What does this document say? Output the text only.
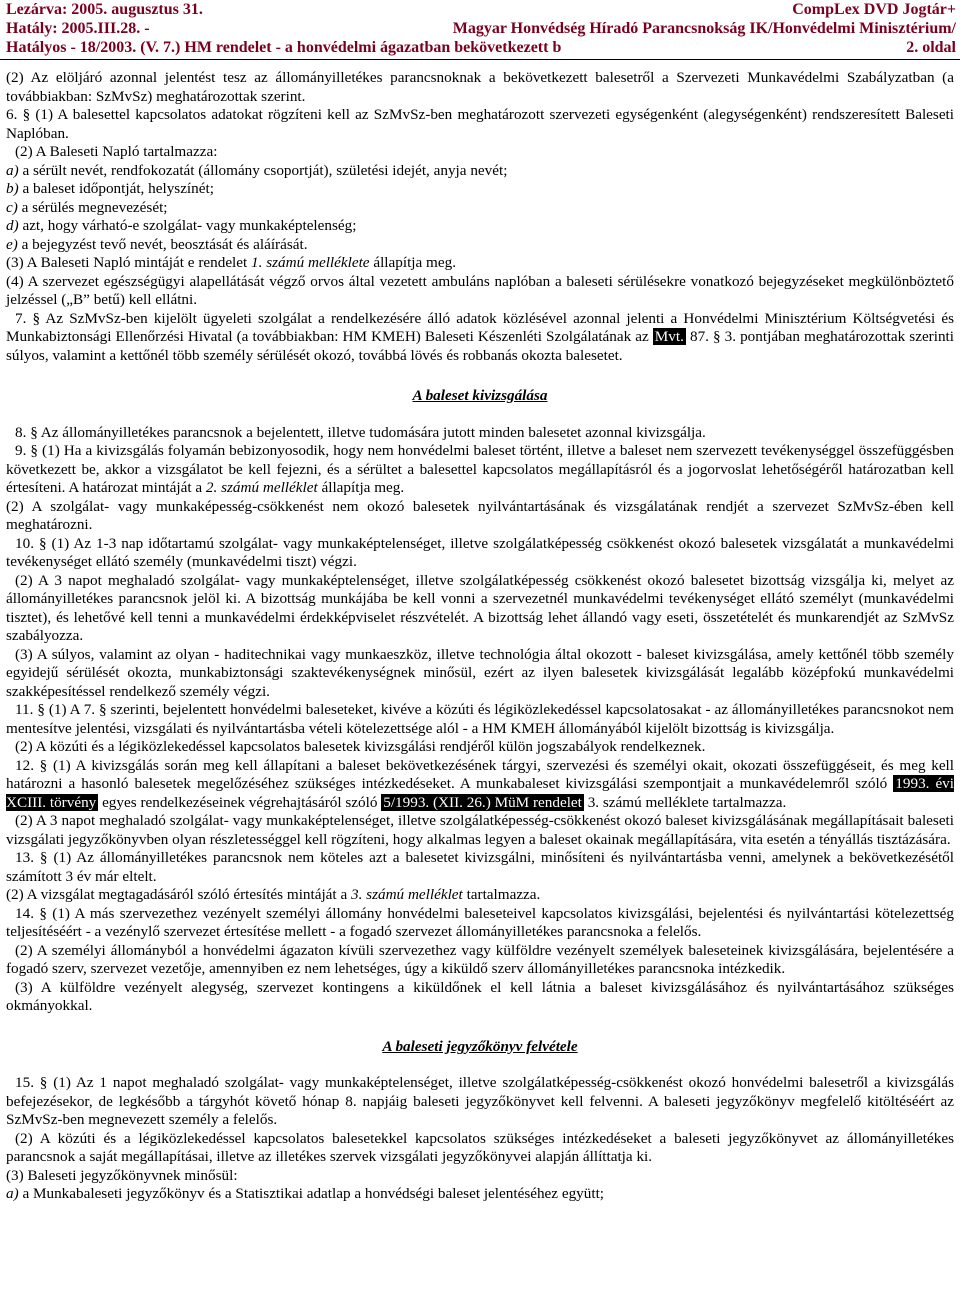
Lezárva: 2005. augusztus 31.	CompLex DVD Jogtár+
Hatály: 2005.III.28. -	Magyar Honvédség Híradó Parancsnokság IK/Honvédelmi Minisztérium/
Hatályos - 18/2003. (V. 7.) HM rendelet - a honvédelmi ágazatban bekövetkezett b	2. oldal

(2) Az elöljáró azonnal jelentést tesz az állományilletékes parancsnoknak a bekövetkezett balesetről a Szervezeti Munkavédelmi Szabályzatban (a továbbiakban: SzMvSz) meghatározottak szerint.

6. § (1) A balesettel kapcsolatos adatokat rögzíteni kell az SzMvSz-ben meghatározott szervezeti egységenként (alegységenként) rendszeresített Baleseti Naplóban.

(2) A Baleseti Napló tartalmazza:

a) a sérült nevét, rendfokozatát (állomány csoportját), születési idejét, anyja nevét;

b) a baleset időpontját, helyszínét;

c) a sérülés megnevezését;

d) azt, hogy várható-e szolgálat- vagy munkaképtelenség;

e) a bejegyzést tevő nevét, beosztását és aláírását.

(3) A Baleseti Napló mintáját e rendelet 1. számú melléklete állapítja meg.

(4) A szervezet egészségügyi alapellátását végző orvos által vezetett ambuláns naplóban a baleseti sérülésekre vonatkozó bejegyzéseket megkülönböztető jelzéssel („B” betű) kell ellátni.

7. § Az SzMvSz-ben kijelölt ügyeleti szolgálat a rendelkezésére álló adatok közlésével azonnal jelenti a Honvédelmi Minisztérium Költségvetési és Munkabiztonsági Ellenőrzési Hivatal (a továbbiakban: HM KMEH) Baleseti Készenléti Szolgálatának az Mvt. 87. § 3. pontjában meghatározottak szerinti súlyos, valamint a kettőnél több személy sérülését okozó, továbbá lövés és robbanás okozta balesetet.

A baleset kivizsgálása

8. § Az állományilletékes parancsnok a bejelentett, illetve tudomására jutott minden balesetet azonnal kivizsgálja.

9. § (1) Ha a kivizsgálás folyamán bebizonyosodik, hogy nem honvédelmi baleset történt, illetve a baleset nem szervezett tevékenységgel összefüggésben következett be, akkor a vizsgálatot be kell fejezni, és a sérültet a balesettel kapcsolatos megállapításról és a jogorvoslat lehetőségéről határozatban kell értesíteni. A határozat mintáját a 2. számú melléklet állapítja meg.

(2) A szolgálat- vagy munkaképesség-csökkenést nem okozó balesetek nyilvántartásának és vizsgálatának rendjét a szervezet SzMvSz-ében kell meghatározni.

10. § (1) Az 1-3 nap időtartamú szolgálat- vagy munkaképtelenséget, illetve szolgálatképesség csökkenést okozó balesetek vizsgálatát a munkavédelmi tevékenységet ellátó személy (munkavédelmi tiszt) végzi.

(2) A 3 napot meghaladó szolgálat- vagy munkaképtelenséget, illetve szolgálatképesség csökkenést okozó balesetet bizottság vizsgálja ki, melyet az állományilletékes parancsnok jelöl ki. A bizottság munkájába be kell vonni a szervezetnél munkavédelmi tevékenységet ellátó személyt (munkavédelmi tisztet), és lehetővé kell tenni a munkavédelmi érdekképviselet részvételét. A bizottság lehet állandó vagy eseti, összetételét és munkarendjét az SzMvSz szabályozza.

(3) A súlyos, valamint az olyan - haditechnikai vagy munkaeszköz, illetve technológia által okozott - baleset kivizsgálása, amely kettőnél több személy egyidejű sérülését okozta, munkabiztonsági szaktevékenységnek minősül, ezért az ilyen balesetek kivizsgálását legalább középfokú munkavédelmi szakképesítéssel rendelkező személy végzi.

11. § (1) A 7. § szerinti, bejelentett honvédelmi baleseteket, kivéve a közúti és légiközlekedéssel kapcsolatosakat - az állományilletékes parancsnokot nem mentesítve jelentési, vizsgálati és nyilvántartásba vételi kötelezettsége alól - a HM KMEH állományából kijelölt bizottság is kivizsgálja.

(2) A közúti és a légiközlekedéssel kapcsolatos balesetek kivizsgálási rendjéről külön jogszabályok rendelkeznek.

12. § (1) A kivizsgálás során meg kell állapítani a baleset bekövetkezésének tárgyi, szervezési és személyi okait, okozati összefüggéseit, és meg kell határozni a hasonló balesetek megelőzéséhez szükséges intézkedéseket. A munkabaleset kivizsgálási szempontjait a munkavédelemről szóló 1993. évi XCIII. törvény egyes rendelkezéseinek végrehajtásáról szóló 5/1993. (XII. 26.) MüM rendelet 3. számú melléklete tartalmazza.

(2) A 3 napot meghaladó szolgálat- vagy munkaképtelenséget, illetve szolgálatképesség-csökkenést okozó baleset kivizsgálásának megállapításait baleseti vizsgálati jegyzőkönyvben olyan részletességgel kell rögzíteni, hogy alkalmas legyen a baleset okainak megállapítására, vita esetén a tényállás tisztázására.

13. § (1) Az állományilletékes parancsnok nem köteles azt a balesetet kivizsgálni, minősíteni és nyilvántartásba venni, amelynek a bekövetkezésétől számított 3 év már eltelt.

(2) A vizsgálat megtagadásáról szóló értesítés mintáját a 3. számú melléklet tartalmazza.

14. § (1) A más szervezethez vezényelt személyi állomány honvédelmi baleseteivel kapcsolatos kivizsgálási, bejelentési és nyilvántartási kötelezettség teljesítéséért - a vezénylő szervezet értesítése mellett - a fogadó szervezet állományilletékes parancsnoka a felelős.

(2) A személyi állományból a honvédelmi ágazaton kívüli szervezethez vagy külföldre vezényelt személyek baleseteinek kivizsgálására, bejelentésére a fogadó szerv, szervezet vezetője, amennyiben ez nem lehetséges, úgy a kiküldő szerv állományilletékes parancsnoka intézkedik.

(3) A külföldre vezényelt alegység, szervezet kontingens a kiküldőnek el kell látnia a baleset kivizsgálásához és nyilvántartásához szükséges okmányokkal.

A baleseti jegyzőkönyv felvétele

15. § (1) Az 1 napot meghaladó szolgálat- vagy munkaképtelenséget, illetve szolgálatképesség-csökkenést okozó honvédelmi balesetről a kivizsgálás befejezésekor, de legkésőbb a tárgyhót követő hónap 8. napjáig baleseti jegyzőkönyvet kell felvenni. A baleseti jegyzőkönyv megfelelő kitöltéséért az SzMvSz-ben megnevezett személy a felelős.

(2) A közúti és a légiközlekedéssel kapcsolatos balesetekkel kapcsolatos szükséges intézkedéseket a baleseti jegyzőkönyvet az állományilletékes parancsnok a saját megállapításai, illetve az illetékes szervek vizsgálati jegyzőkönyvei alapján állíttatja ki.

(3) Baleseti jegyzőkönyvnek minősül:

a) a Munkabaleseti jegyzőkönyv és a Statisztikai adatlap a honvédségi baleset jelentéséhez együtt;
